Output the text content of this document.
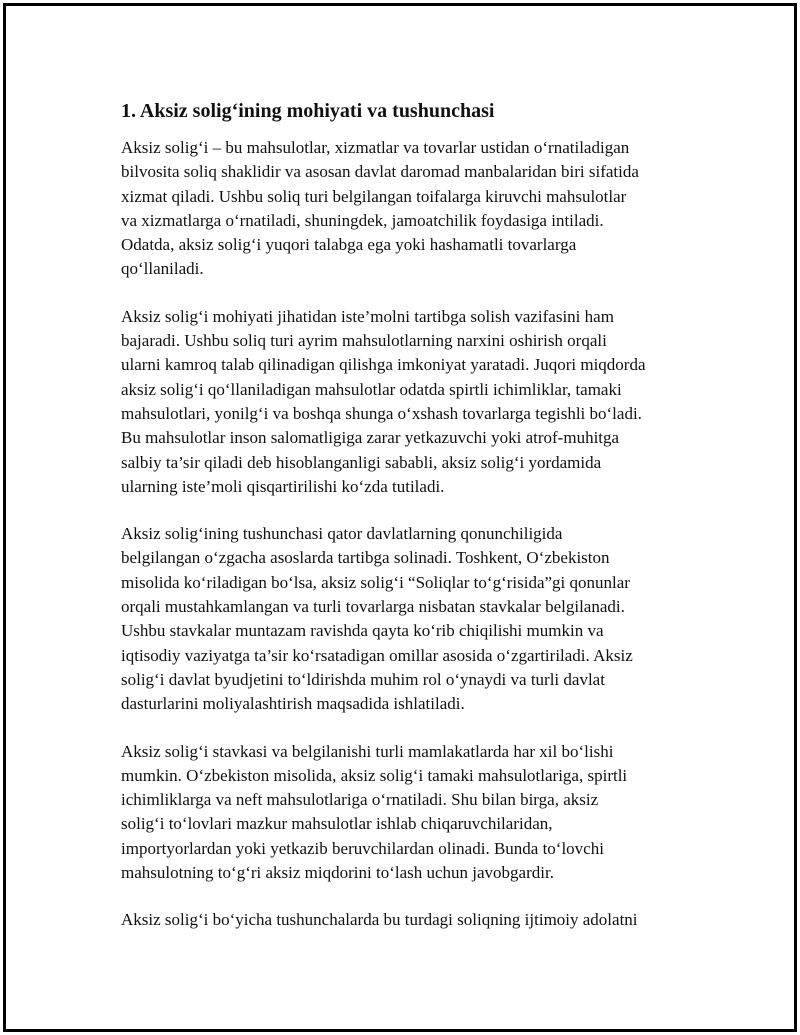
1. Aksiz solig‘ining mohiyati va tushunchasi

Aksiz solig‘i – bu mahsulotlar, xizmatlar va tovarlar ustidan o‘rnatiladigan
bilvosita soliq shaklidir va asosan davlat daromad manbalaridan biri sifatida
xizmat qiladi. Ushbu soliq turi belgilangan toifalarga kiruvchi mahsulotlar
va xizmatlarga o‘rnatiladi, shuningdek, jamoatchilik foydasiga intiladi.
Odatda, aksiz solig‘i yuqori talabga ega yoki hashamatli tovarlarga
qo‘llaniladi.

Aksiz solig‘i mohiyati jihatidan iste’molni tartibga solish vazifasini ham
bajaradi. Ushbu soliq turi ayrim mahsulotlarning narxini oshirish orqali
ularni kamroq talab qilinadigan qilishga imkoniyat yaratadi. Juqori miqdorda
aksiz solig‘i qo‘llaniladigan mahsulotlar odatda spirtli ichimliklar, tamaki
mahsulotlari, yonilg‘i va boshqa shunga o‘xshash tovarlarga tegishli bo‘ladi.
Bu mahsulotlar inson salomatligiga zarar yetkazuvchi yoki atrof-muhitga
salbiy ta’sir qiladi deb hisoblanganligi sababli, aksiz solig‘i yordamida
ularning iste’moli qisqartirilishi ko‘zda tutiladi.

Aksiz solig‘ining tushunchasi qator davlatlarning qonunchiligida
belgilangan o‘zgacha asoslarda tartibga solinadi. Toshkent, O‘zbekiston
misolida ko‘riladigan bo‘lsa, aksiz solig‘i “Soliqlar to‘g‘risida”gi qonunlar
orqali mustahkamlangan va turli tovarlarga nisbatan stavkalar belgilanadi.
Ushbu stavkalar muntazam ravishda qayta ko‘rib chiqilishi mumkin va
iqtisodiy vaziyatga ta’sir ko‘rsatadigan omillar asosida o‘zgartiriladi. Aksiz
solig‘i davlat byudjetini to‘ldirishda muhim rol o‘ynaydi va turli davlat
dasturlarini moliyalashtirish maqsadida ishlatiladi.

Aksiz solig‘i stavkasi va belgilanishi turli mamlakatlarda har xil bo‘lishi
mumkin. O‘zbekiston misolida, aksiz solig‘i tamaki mahsulotlariga, spirtli
ichimliklarga va neft mahsulotlariga o‘rnatiladi. Shu bilan birga, aksiz
solig‘i to‘lovlari mazkur mahsulotlar ishlab chiqaruvchilaridan,
importyorlardan yoki yetkazib beruvchilardan olinadi. Bunda to‘lovchi
mahsulotning to‘g‘ri aksiz miqdorini to‘lash uchun javobgardir.

Aksiz solig‘i bo‘yicha tushunchalarda bu turdagi soliqning ijtimoiy adolatni
